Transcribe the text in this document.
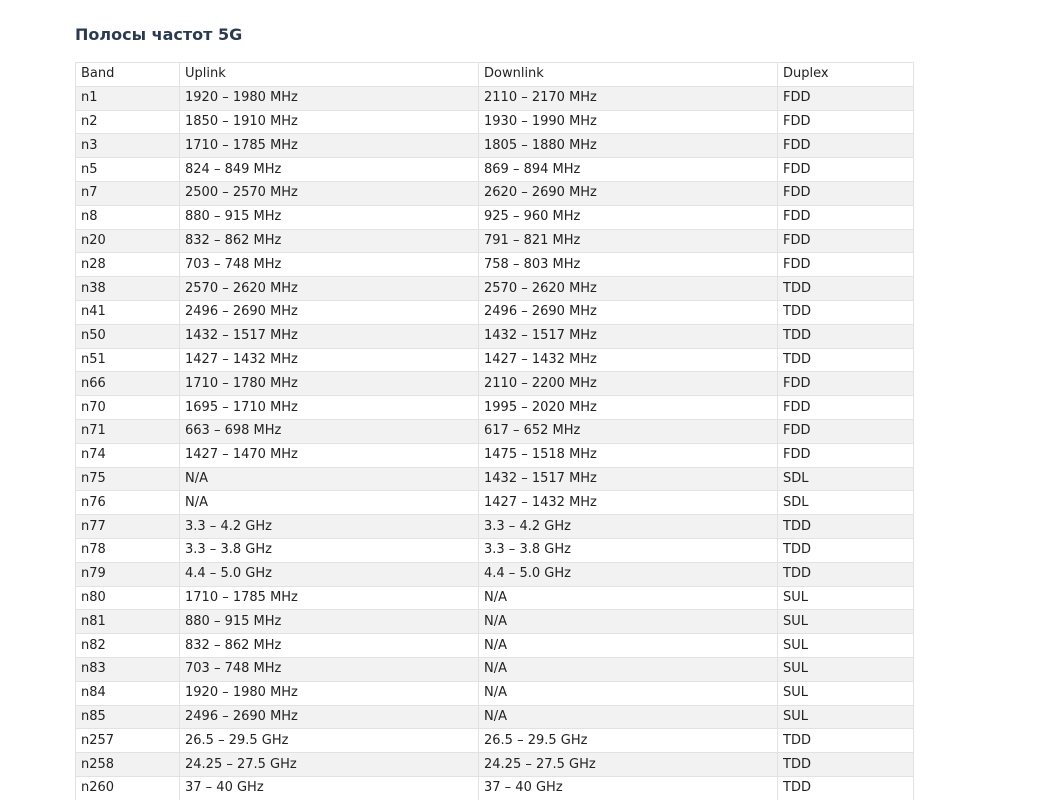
Полосы частот 5G
Band	Uplink	Downlink	Duplex
n1	1920 – 1980 MHz	2110 – 2170 MHz	FDD
n2	1850 – 1910 MHz	1930 – 1990 MHz	FDD
n3	1710 – 1785 MHz	1805 – 1880 MHz	FDD
n5	824 – 849 MHz	869 – 894 MHz	FDD
n7	2500 – 2570 MHz	2620 – 2690 MHz	FDD
n8	880 – 915 MHz	925 – 960 MHz	FDD
n20	832 – 862 MHz	791 – 821 MHz	FDD
n28	703 – 748 MHz	758 – 803 MHz	FDD
n38	2570 – 2620 MHz	2570 – 2620 MHz	TDD
n41	2496 – 2690 MHz	2496 – 2690 MHz	TDD
n50	1432 – 1517 MHz	1432 – 1517 MHz	TDD
n51	1427 – 1432 MHz	1427 – 1432 MHz	TDD
n66	1710 – 1780 MHz	2110 – 2200 MHz	FDD
n70	1695 – 1710 MHz	1995 – 2020 MHz	FDD
n71	663 – 698 MHz	617 – 652 MHz	FDD
n74	1427 – 1470 MHz	1475 – 1518 MHz	FDD
n75	N/A	1432 – 1517 MHz	SDL
n76	N/A	1427 – 1432 MHz	SDL
n77	3.3 – 4.2 GHz	3.3 – 4.2 GHz	TDD
n78	3.3 – 3.8 GHz	3.3 – 3.8 GHz	TDD
n79	4.4 – 5.0 GHz	4.4 – 5.0 GHz	TDD
n80	1710 – 1785 MHz	N/A	SUL
n81	880 – 915 MHz	N/A	SUL
n82	832 – 862 MHz	N/A	SUL
n83	703 – 748 MHz	N/A	SUL
n84	1920 – 1980 MHz	N/A	SUL
n85	2496 – 2690 MHz	N/A	SUL
n257	26.5 – 29.5 GHz	26.5 – 29.5 GHz	TDD
n258	24.25 – 27.5 GHz	24.25 – 27.5 GHz	TDD
n260	37 – 40 GHz	37 – 40 GHz	TDD
